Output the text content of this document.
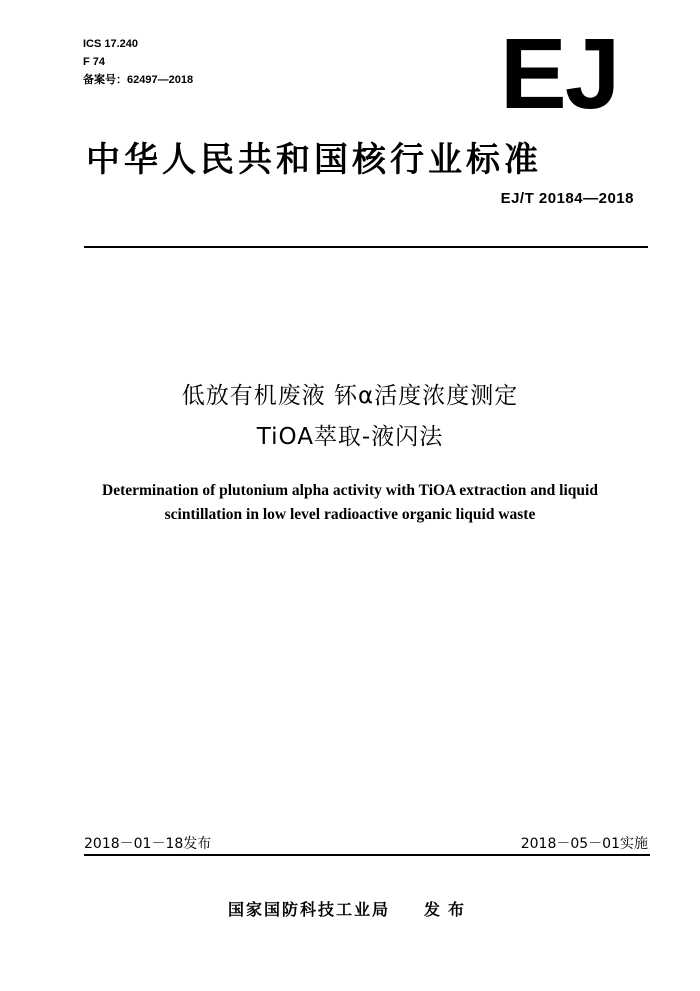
ICS 17.240
F 74
备案号：62497—2018	EJ
中华人民共和国核行业标准
EJ/T 20184—2018
低放有机废液 钚α活度浓度测定
TiOA萃取-液闪法
Determination of plutonium alpha activity with TiOA extraction and liquid
scintillation in low level radioactive organic liquid waste
2018－01－18发布	2018－05－01实施
国家国防科技工业局 发布
